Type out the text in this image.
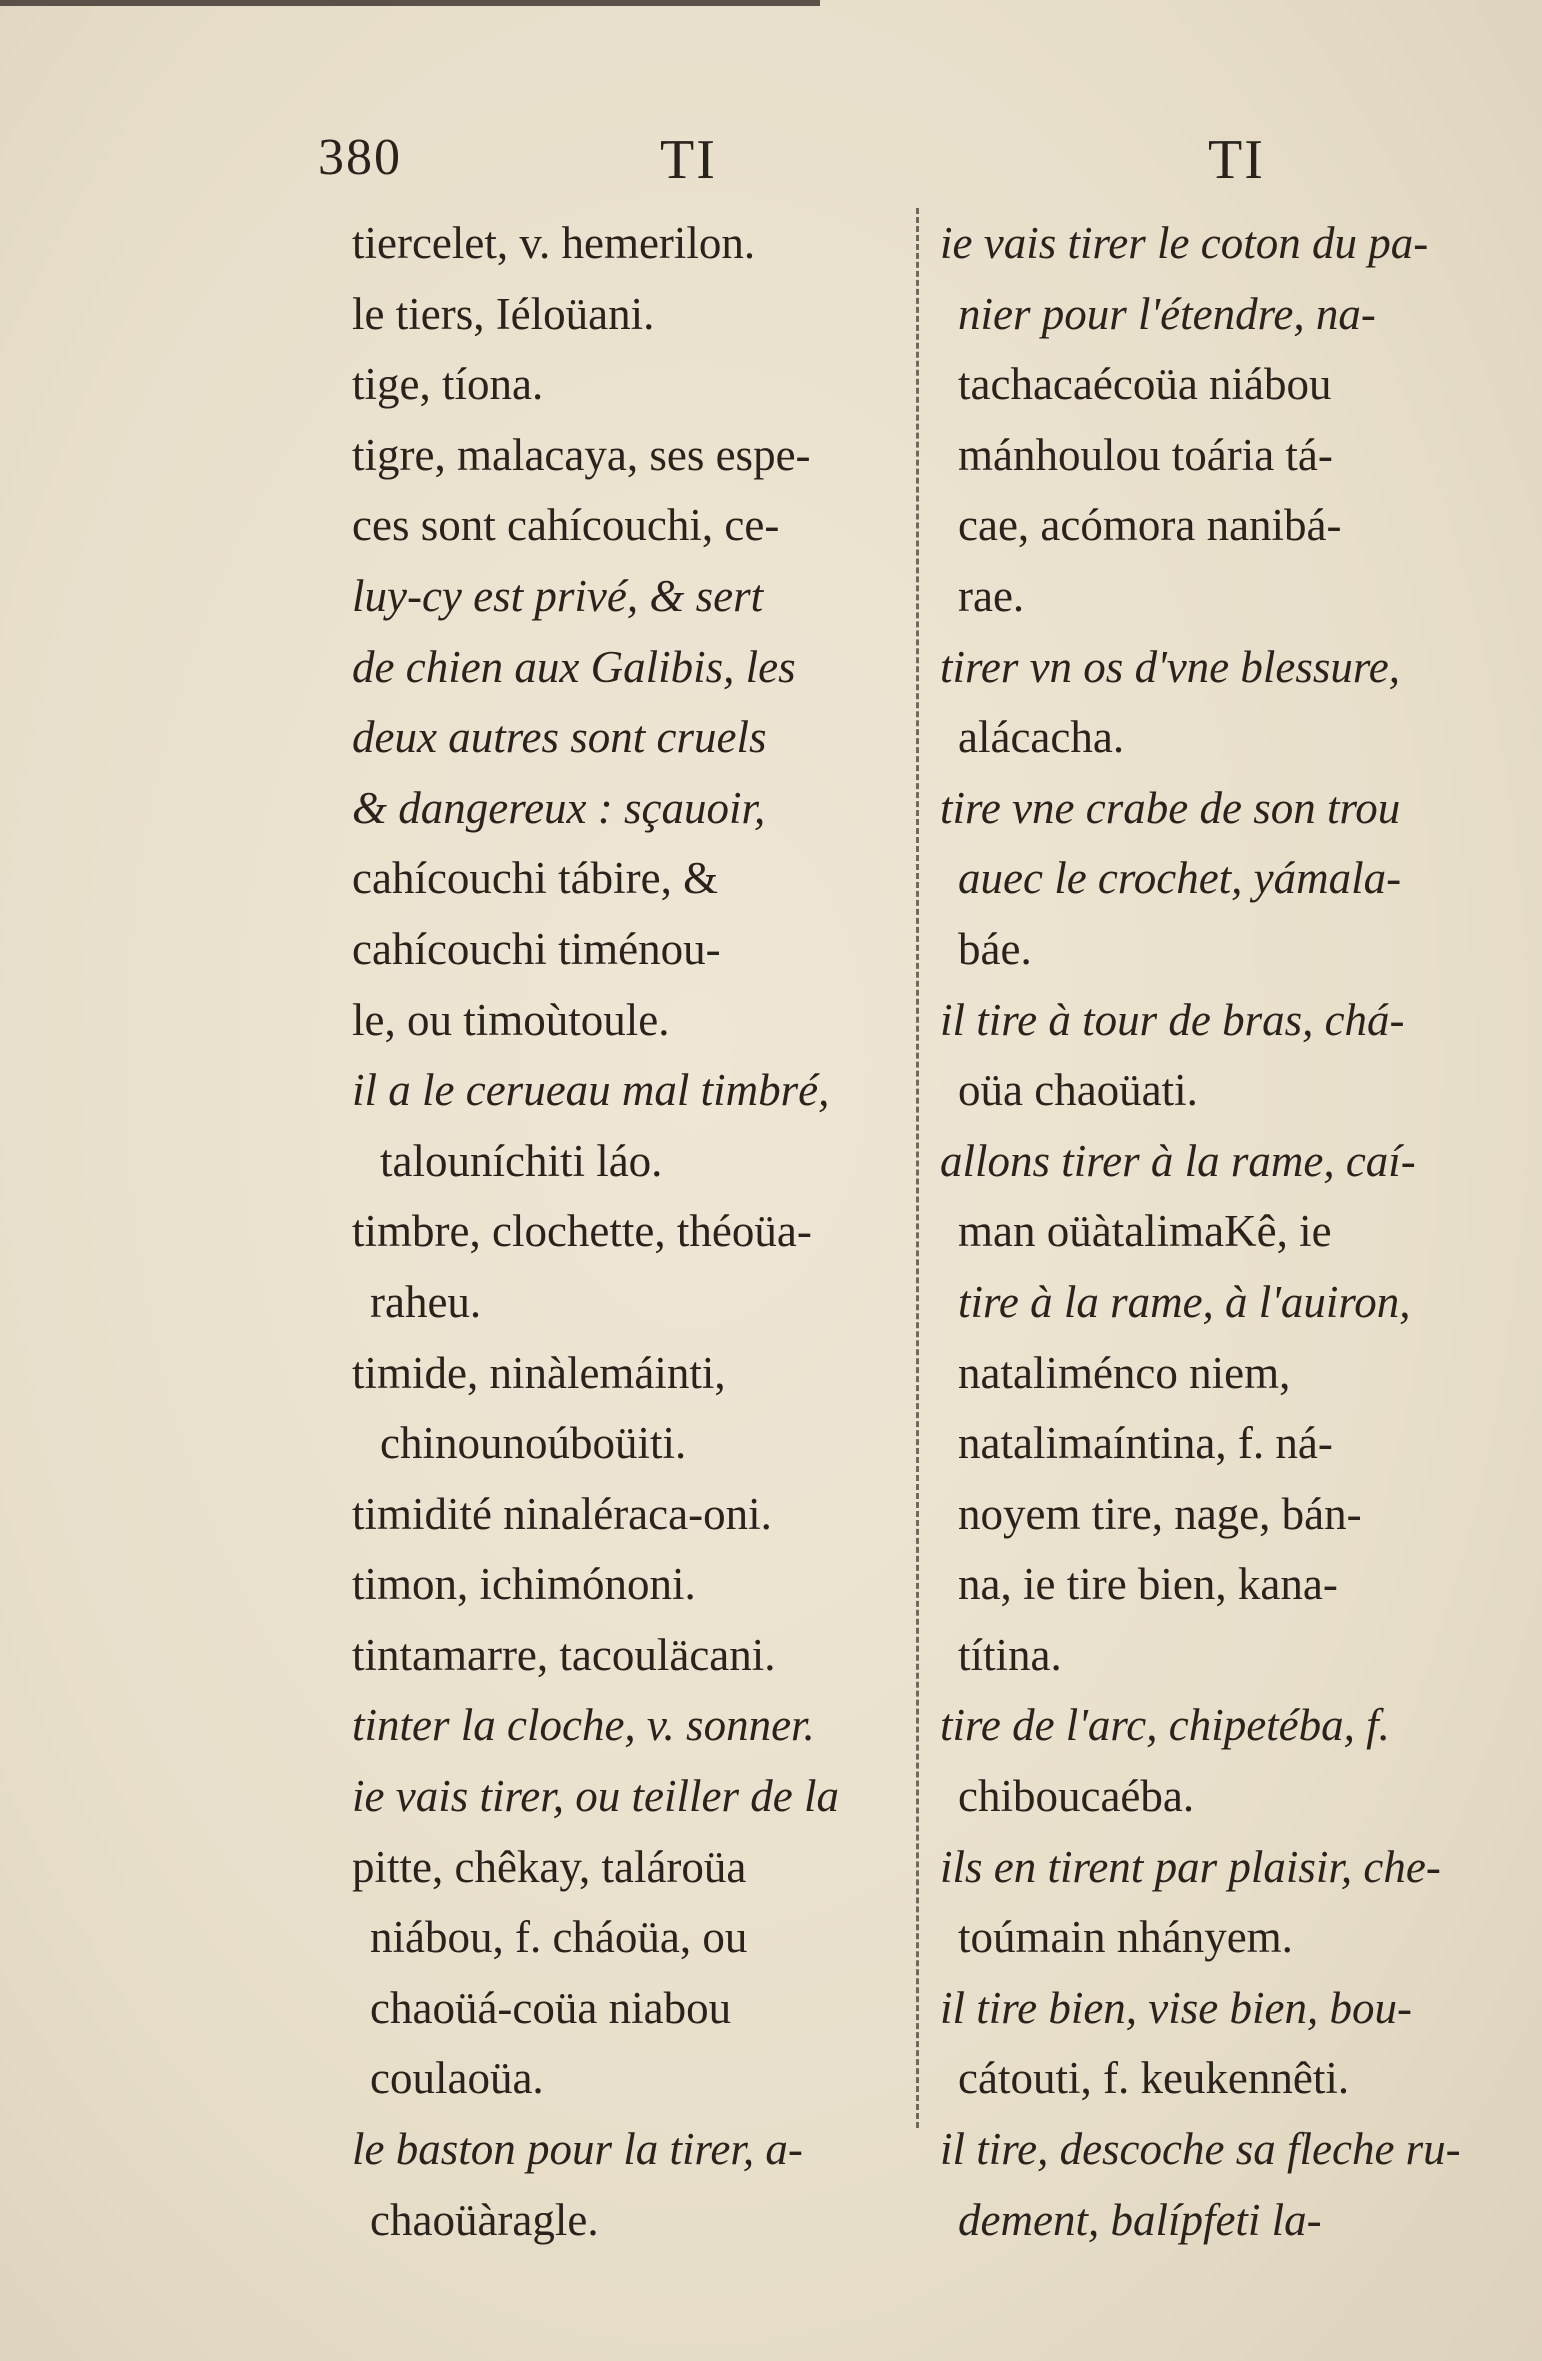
380	TI	TI
tiercelet, v. hemerilon.
le tiers, Iéloüani.
tige, tíona.
tigre, malacaya, ses espe-
ces sont cahícouchi, ce-
luy-cy est privé, & sert
de chien aux Galibis, les
deux autres sont cruels
& dangereux : sçauoir,
cahícouchi tábire, &
cahícouchi timénou-
le, ou timoùtoule.
il a le cerueau mal timbré,
talouníchiti láo.
timbre, clochette, théoüa-
raheu.
timide, ninàlemáinti,
chinounoúboüiti.
timidité ninaléraca-oni.
timon, ichimónoni.
tintamarre, tacouläcani.
tinter la cloche, v. sonner.
ie vais tirer, ou teiller de la
pitte, chêkay, talároüa
niábou, f. cháoüa, ou
chaoüá-coüa niabou
coulaoüa.
le baston pour la tirer, a-
chaoüàragle.
ie vais tirer le coton du pa-
nier pour l'étendre, na-
tachacaécoüa niábou
mánhoulou toária tá-
cae, acómora nanibá-
rae.
tirer vn os d'vne blessure,
alácacha.
tire vne crabe de son trou
auec le crochet, yámala-
báe.
il tire à tour de bras, chá-
oüa chaoüati.
allons tirer à la rame, caí-
man oüàtalimaKê, ie
tire à la rame, à l'auiron,
nataliménco niem,
natalimaíntina, f. ná-
noyem tire, nage, bán-
na, ie tire bien, kana-
títina.
tire de l'arc, chipetéba, f.
chiboucaéba.
ils en tirent par plaisir, che-
toúmain nhányem.
il tire bien, vise bien, bou-
cátouti, f. keukennêti.
il tire, descoche sa fleche ru-
dement, balípfeti la-
